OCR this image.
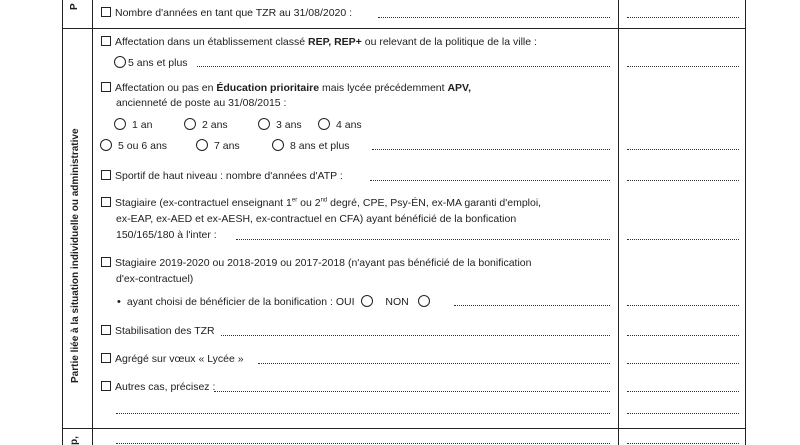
P
Partie liée à la situation individuelle ou administrative
p,
Nombre d'années en tant que TZR au 31/08/2020 :
Affectation dans un établissement classé REP, REP+ ou relevant de la politique de la ville :
5 ans et plus
Affectation ou pas en Éducation prioritaire mais lycée précédemment APV,
ancienneté de poste au 31/08/2015 :
1 an	2 ans	3 ans	4 ans
5 ou 6 ans	7 ans	8 ans et plus
Sportif de haut niveau : nombre d'années d'ATP :
Stagiaire (ex-contractuel enseignant 1er ou 2nd degré, CPE, Psy-ÉN, ex-MA garanti d'emploi,
ex-EAP, ex-AED et ex-AESH, ex-contractuel en CFA) ayant bénéficié de la bonfication
150/165/180 à l'inter :
Stagiaire 2019-2020 ou 2018-2019 ou 2017-2018 (n'ayant pas bénéficié de la bonification
d'ex-contractuel)
• ayant choisi de bénéficier de la bonification : OUI	NON
Stabilisation des TZR
Agrégé sur vœux « Lycée »
Autres cas, précisez :
